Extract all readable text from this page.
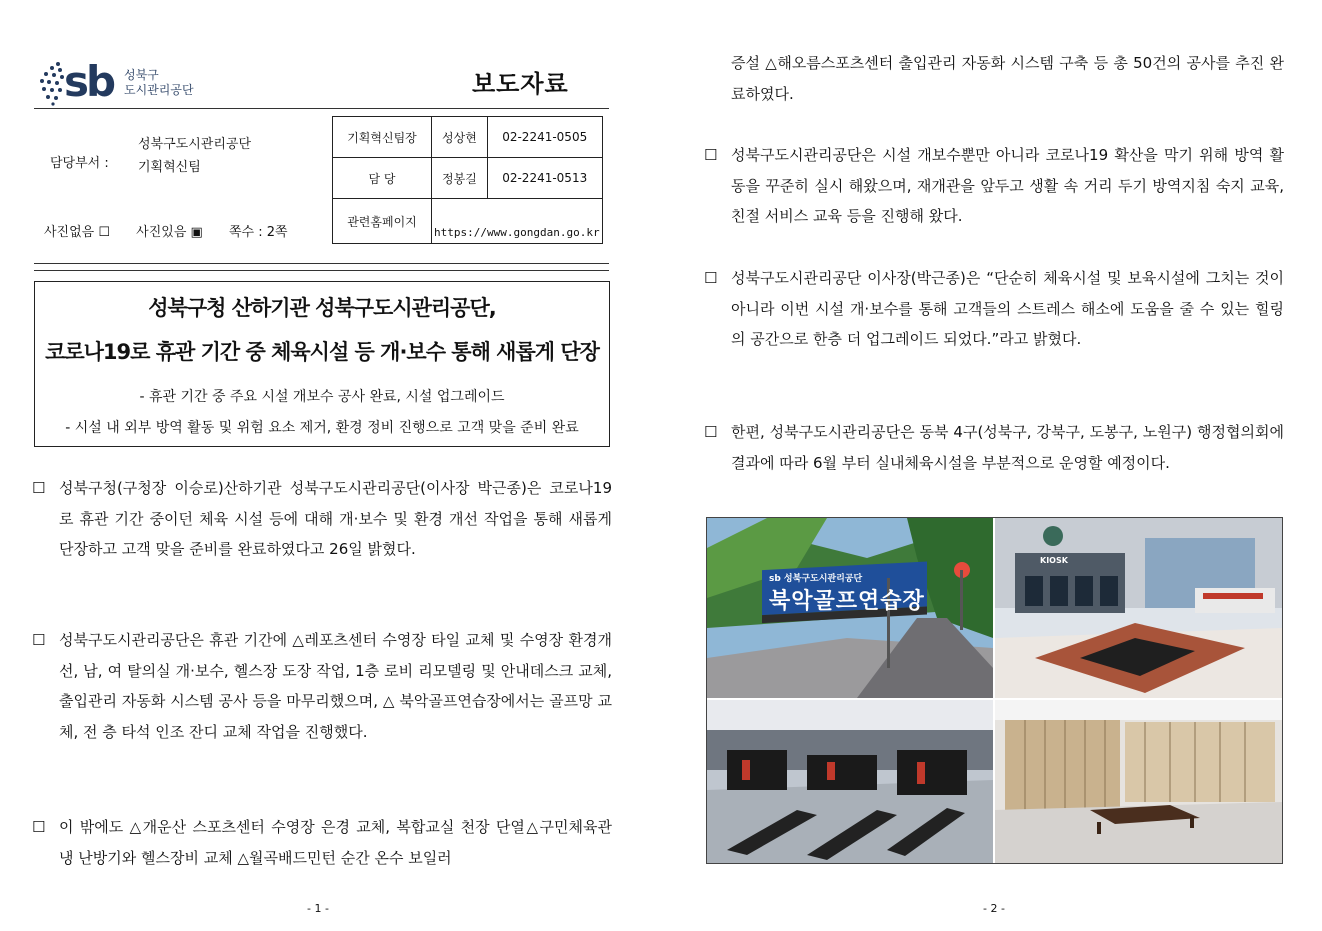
sb 성북구
도시관리공단	보도자료
성북구도시관리공단
담당부서 : 기획혁신팀
사진없음 ☐ 사진있음 ▣ 쪽수 : 2쪽
기획혁신팀장	성상현	02-2241-0505
담 당	정봉길	02-2241-0513
관련홈페이지	https://www.gongdan.go.kr	
성북구청 산하기관 성북구도시관리공단,
코로나19로 휴관 기간 중 체육시설 등 개·보수 통해 새롭게 단장
- 휴관 기간 중 주요 시설 개보수 공사 완료, 시설 업그레이드
- 시설 내 외부 방역 활동 및 위험 요소 제거, 환경 정비 진행으로 고객 맞을 준비 완료
☐ 성북구청(구청장 이승로)산하기관 성북구도시관리공단(이사장 박근종)은 코로나19로 휴관 기간 중이던 체육 시설 등에 대해 개·보수 및 환경 개선 작업을 통해 새롭게 단장하고 고객 맞을 준비를 완료하였다고 26일 밝혔다.
☐ 성북구도시관리공단은 휴관 기간에 △레포츠센터 수영장 타일 교체 및 수영장 환경개선, 남, 여 탈의실 개·보수, 헬스장 도장 작업, 1층 로비 리모델링 및 안내데스크 교체, 출입관리 자동화 시스템 공사 등을 마무리했으며, △ 북악골프연습장에서는 골프망 교체, 전 층 타석 인조 잔디 교체 작업을 진행했다.
☐ 이 밖에도 △개운산 스포츠센터 수영장 은경 교체, 복합교실 천장 단열△구민체육관 냉 난방기와 헬스장비 교체 △월곡배드민턴 순간 온수 보일러
- 1 -
증설 △해오름스포츠센터 출입관리 자동화 시스템 구축 등 총 50건의 공사를 추진 완료하였다.
☐ 성북구도시관리공단은 시설 개보수뿐만 아니라 코로나19 확산을 막기 위해 방역 활동을 꾸준히 실시 해왔으며, 재개관을 앞두고 생활 속 거리 두기 방역지침 숙지 교육, 친절 서비스 교육 등을 진행해 왔다.
☐ 성북구도시관리공단 이사장(박근종)은 “단순히 체육시설 및 보육시설에 그치는 것이 아니라 이번 시설 개·보수를 통해 고객들의 스트레스 해소에 도움을 줄 수 있는 힐링의 공간으로 한층 더 업그레이드 되었다.”라고 밝혔다.
☐ 한편, 성북구도시관리공단은 동북 4구(성북구, 강북구, 도봉구, 노원구) 행정협의회에 결과에 따라 6월 부터 실내체육시설을 부분적으로 운영할 예정이다.
sb 성북구도시관리공단
북악골프연습장
KIOSK
- 2 -
